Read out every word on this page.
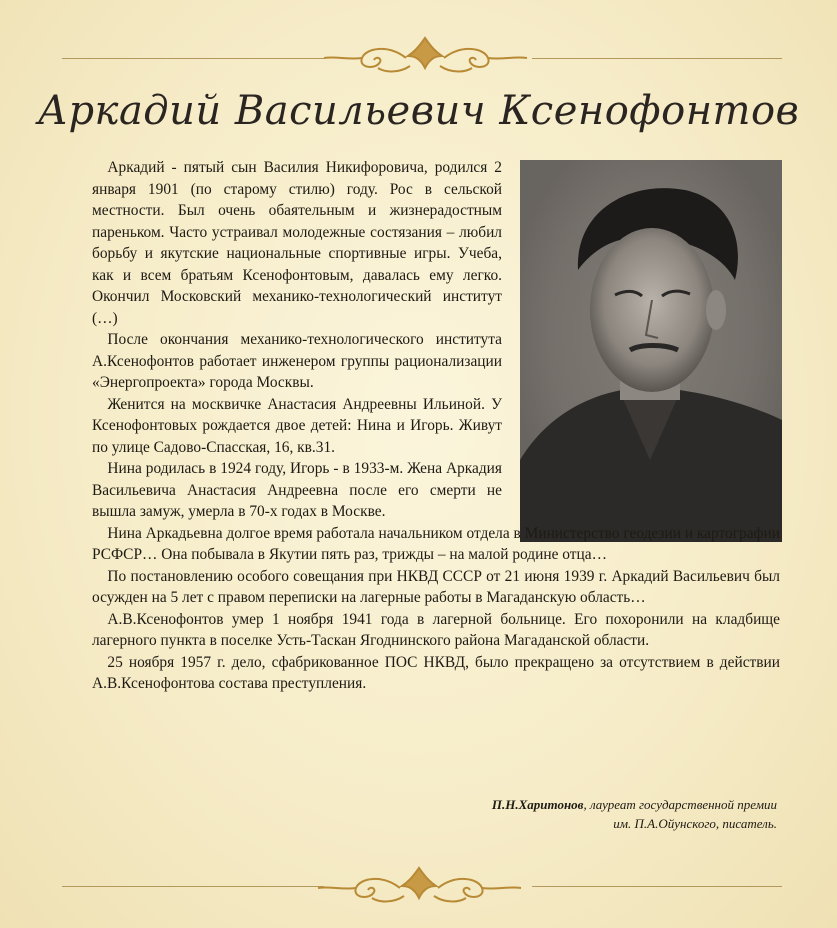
Аркадий Васильевич Ксенофонтов

 Аркадий - пятый сын Василия Никифоровича, родился 2 января 1901 (по старому стилю) году. Рос в сельской местности. Был очень обаятельным и жизнерадостным пареньком. Часто устраивал молодежные состязания – любил борьбу и якутские национальные спортивные игры. Учеба, как и всем братьям Ксенофонтовым, давалась ему легко. Окончил Московский механико-технологический институт (…)

 После окончания механико-технологического института А.Ксенофонтов работает инженером группы рационализации «Энергопроекта» города Москвы.

 Женится на москвичке Анастасия Андреевны Ильиной. У Ксенофонтовых рождается двое детей: Нина и Игорь. Живут по улице Садово-Спасская, 16, кв.31.

 Нина родилась в 1924 году, Игорь - в 1933-м. Жена Аркадия Васильевича Анастасия Андреевна после его смерти не вышла замуж, умерла в 70-х годах в Москве.

 Нина Аркадьевна долгое время работала начальником отдела в Министерство геодезии и картографии РСФСР… Она побывала в Якутии пять раз, трижды – на малой родине отца…

 По постановлению особого совещания при НКВД СССР от 21 июня 1939 г. Аркадий Васильевич был осужден на 5 лет с правом переписки на лагерные работы в Магаданскую область…

 А.В.Ксенофонтов умер 1 ноября 1941 года в лагерной больнице. Его похоронили на кладбище лагерного пункта в поселке Усть-Таскан Ягоднинского района Магаданской области.

 25 ноября 1957 г. дело, сфабрикованное ПОС НКВД, было прекращено за отсутствием в действии А.В.Ксенофонтова состава преступления.

П.Н.Харитонов, лауреат государственной премии
им. П.А.Ойунского, писатель.
